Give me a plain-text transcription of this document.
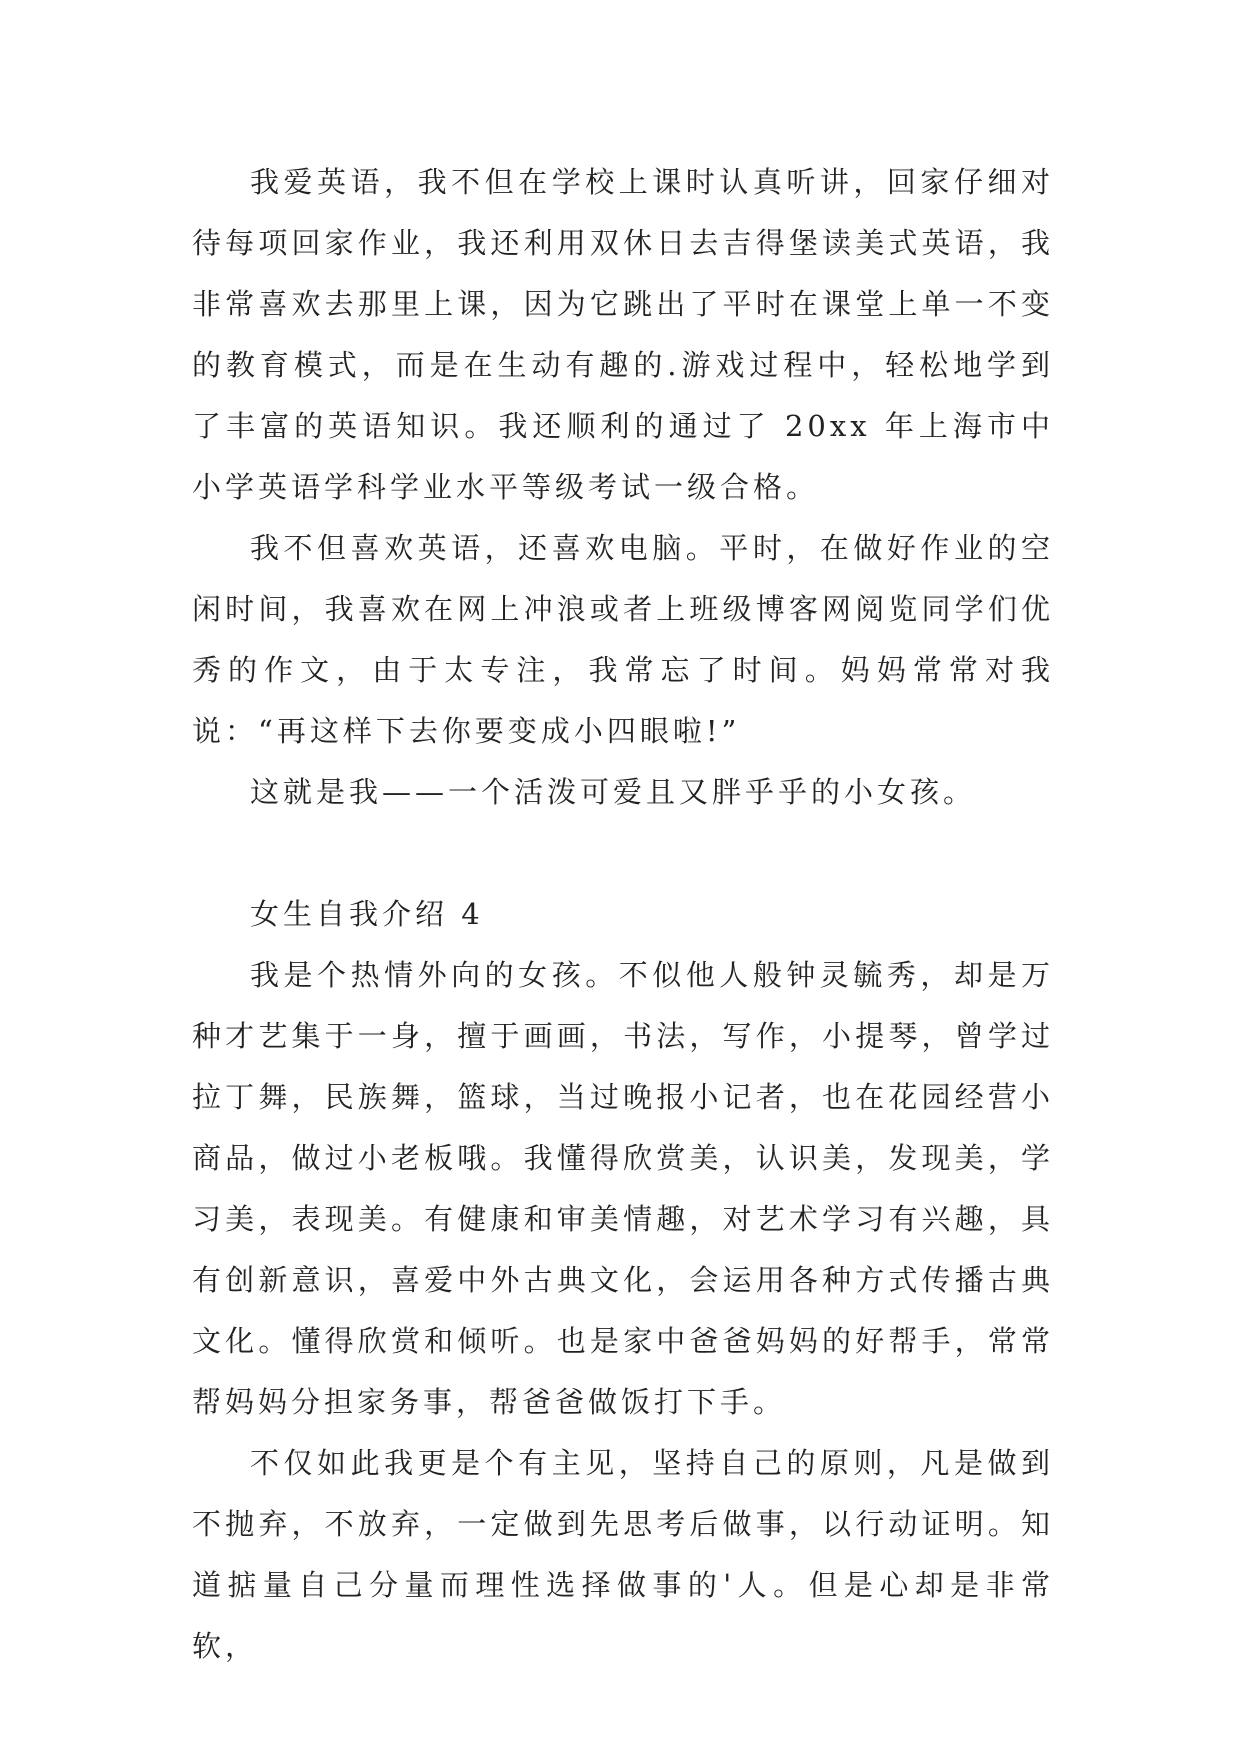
我爱英语，我不但在学校上课时认真听讲，回家仔细对待每项回家作业，我还利用双休日去吉得堡读美式英语，我非常喜欢去那里上课，因为它跳出了平时在课堂上单一不变的教育模式，而是在生动有趣的.游戏过程中，轻松地学到了丰富的英语知识。我还顺利的通过了 20xx 年上海市中小学英语学科学业水平等级考试一级合格。

我不但喜欢英语，还喜欢电脑。平时，在做好作业的空闲时间，我喜欢在网上冲浪或者上班级博客网阅览同学们优秀的作文，由于太专注，我常忘了时间。妈妈常常对我说：“再这样下去你要变成小四眼啦!”

这就是我——一个活泼可爱且又胖乎乎的小女孩。

女生自我介绍 4

我是个热情外向的女孩。不似他人般钟灵毓秀，却是万种才艺集于一身，擅于画画，书法，写作，小提琴，曾学过拉丁舞，民族舞，篮球，当过晚报小记者，也在花园经营小商品，做过小老板哦。我懂得欣赏美，认识美，发现美，学习美，表现美。有健康和审美情趣，对艺术学习有兴趣，具有创新意识，喜爱中外古典文化，会运用各种方式传播古典文化。懂得欣赏和倾听。也是家中爸爸妈妈的好帮手，常常帮妈妈分担家务事，帮爸爸做饭打下手。

不仅如此我更是个有主见，坚持自己的原则，凡是做到不抛弃，不放弃，一定做到先思考后做事，以行动证明。知道掂量自己分量而理性选择做事的'人。但是心却是非常软，
